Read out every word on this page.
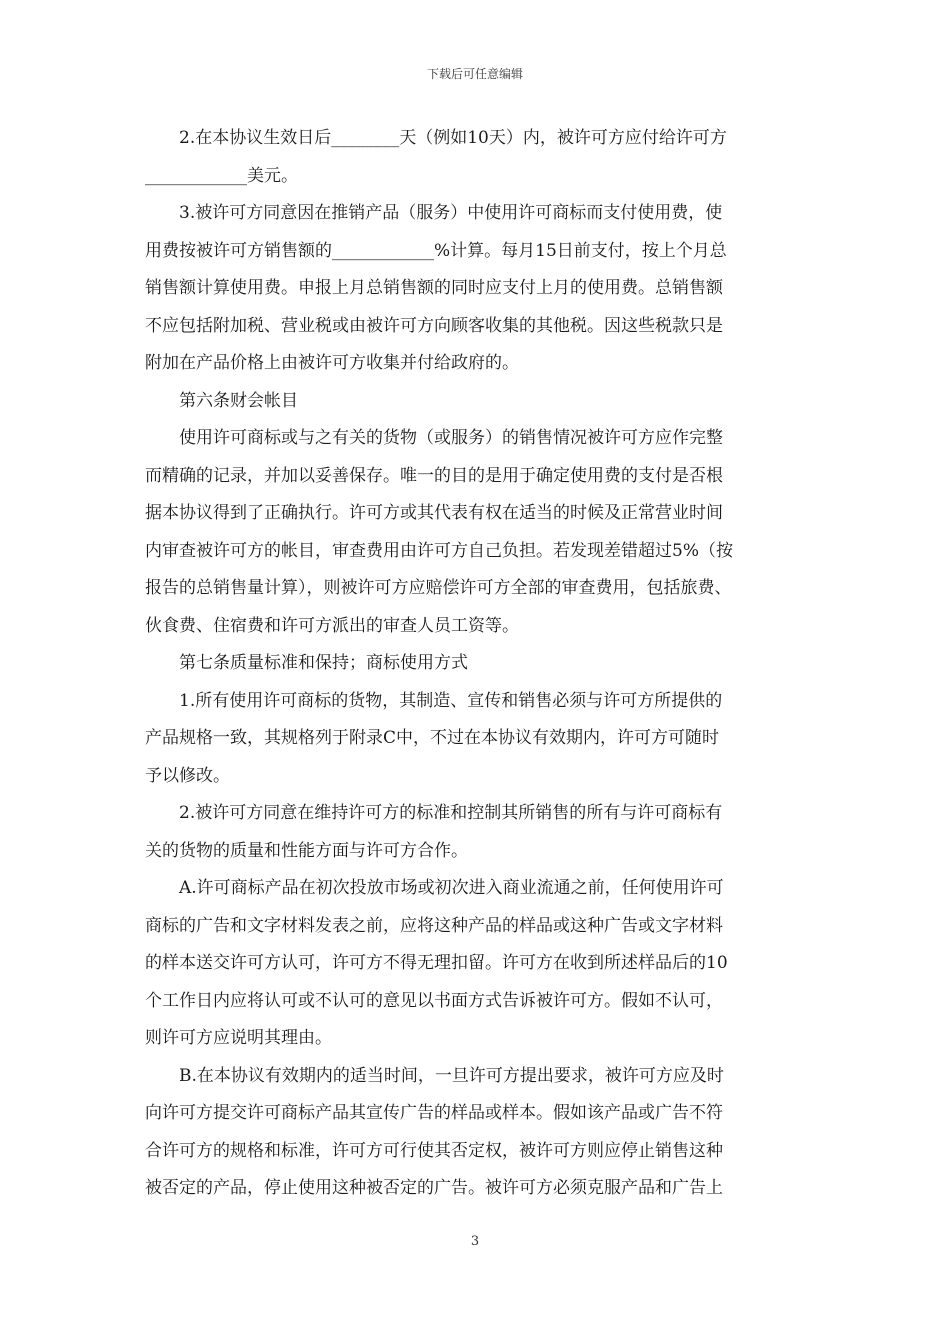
下载后可任意编辑
2.在本协议生效日后________天（例如10天）内，被许可方应付给许可方
____________美元。
3.被许可方同意因在推销产品（服务）中使用许可商标而支付使用费，使
用费按被许可方销售额的____________%计算。每月15日前支付，按上个月总
销售额计算使用费。申报上月总销售额的同时应支付上月的使用费。总销售额
不应包括附加税、营业税或由被许可方向顾客收集的其他税。因这些税款只是
附加在产品价格上由被许可方收集并付给政府的。
第六条财会帐目
使用许可商标或与之有关的货物（或服务）的销售情况被许可方应作完整
而精确的记录，并加以妥善保存。唯一的目的是用于确定使用费的支付是否根
据本协议得到了正确执行。许可方或其代表有权在适当的时候及正常营业时间
内审查被许可方的帐目，审查费用由许可方自己负担。若发现差错超过5%（按
报告的总销售量计算），则被许可方应赔偿许可方全部的审查费用，包括旅费、
伙食费、住宿费和许可方派出的审查人员工资等。
第七条质量标准和保持；商标使用方式
1.所有使用许可商标的货物，其制造、宣传和销售必须与许可方所提供的
产品规格一致，其规格列于附录C中，不过在本协议有效期内，许可方可随时
予以修改。
2.被许可方同意在维持许可方的标准和控制其所销售的所有与许可商标有
关的货物的质量和性能方面与许可方合作。
A.许可商标产品在初次投放市场或初次进入商业流通之前，任何使用许可
商标的广告和文字材料发表之前，应将这种产品的样品或这种广告或文字材料
的样本送交许可方认可，许可方不得无理扣留。许可方在收到所述样品后的10
个工作日内应将认可或不认可的意见以书面方式告诉被许可方。假如不认可，
则许可方应说明其理由。
B.在本协议有效期内的适当时间，一旦许可方提出要求，被许可方应及时
向许可方提交许可商标产品其宣传广告的样品或样本。假如该产品或广告不符
合许可方的规格和标准，许可方可行使其否定权，被许可方则应停止销售这种
被否定的产品，停止使用这种被否定的广告。被许可方必须克服产品和广告上
3
